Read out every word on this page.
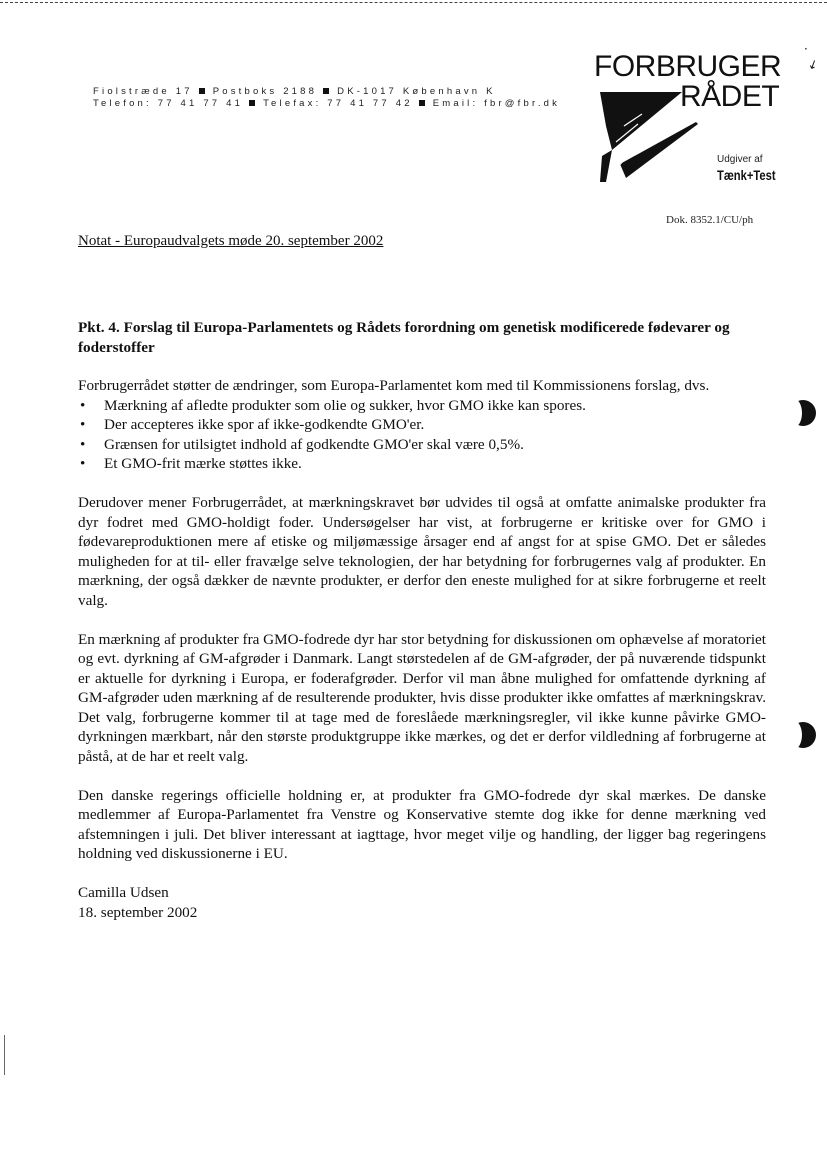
Fiolstræde 17 Postboks 2188 DK-1017 København K
Telefon: 77 41 77 41 Telefax: 77 41 77 42 Email: fbr@fbr.dk
FORBRUGER
RÅDET
Udgiver af
Tænk+Test
·
↓
Dok. 8352.1/CU/ph
Notat - Europaudvalgets møde 20. september 2002
Pkt. 4. Forslag til Europa-Parlamentets og Rådets forordning om genetisk modificerede fødevarer og foderstoffer

Forbrugerrådet støtter de ændringer, som Europa-Parlamentet kom med til Kommissionens forslag, dvs.

• Mærkning af afledte produkter som olie og sukker, hvor GMO ikke kan spores.
• Der accepteres ikke spor af ikke-godkendte GMO'er.
• Grænsen for utilsigtet indhold af godkendte GMO'er skal være 0,5%.
• Et GMO-frit mærke støttes ikke.

Derudover mener Forbrugerrådet, at mærkningskravet bør udvides til også at omfatte animalske produkter fra dyr fodret med GMO-holdigt foder. Undersøgelser har vist, at forbrugerne er kritiske over for GMO i fødevareproduktionen mere af etiske og miljømæssige årsager end af angst for at spise GMO. Det er således muligheden for at til- eller fravælge selve teknologien, der har betydning for forbrugernes valg af produkter. En mærkning, der også dækker de nævnte produkter, er derfor den eneste mulighed for at sikre forbrugerne et reelt valg.

En mærkning af produkter fra GMO-fodrede dyr har stor betydning for diskussionen om ophævelse af moratoriet og evt. dyrkning af GM-afgrøder i Danmark. Langt størstedelen af de GM-afgrøder, der på nuværende tidspunkt er aktuelle for dyrkning i Europa, er foderafgrøder. Derfor vil man åbne mulighed for omfattende dyrkning af GM-afgrøder uden mærkning af de resulterende produkter, hvis disse produkter ikke omfattes af mærkningskrav. Det valg, forbrugerne kommer til at tage med de foreslåede mærkningsregler, vil ikke kunne påvirke GMO-dyrkningen mærkbart, når den største produktgruppe ikke mærkes, og det er derfor vildledning af forbrugerne at påstå, at de har et reelt valg.

Den danske regerings officielle holdning er, at produkter fra GMO-fodrede dyr skal mærkes. De danske medlemmer af Europa-Parlamentet fra Venstre og Konservative stemte dog ikke for denne mærkning ved afstemningen i juli. Det bliver interessant at iagttage, hvor meget vilje og handling, der ligger bag regeringens holdning ved diskussionerne i EU.

Camilla Udsen
18. september 2002
